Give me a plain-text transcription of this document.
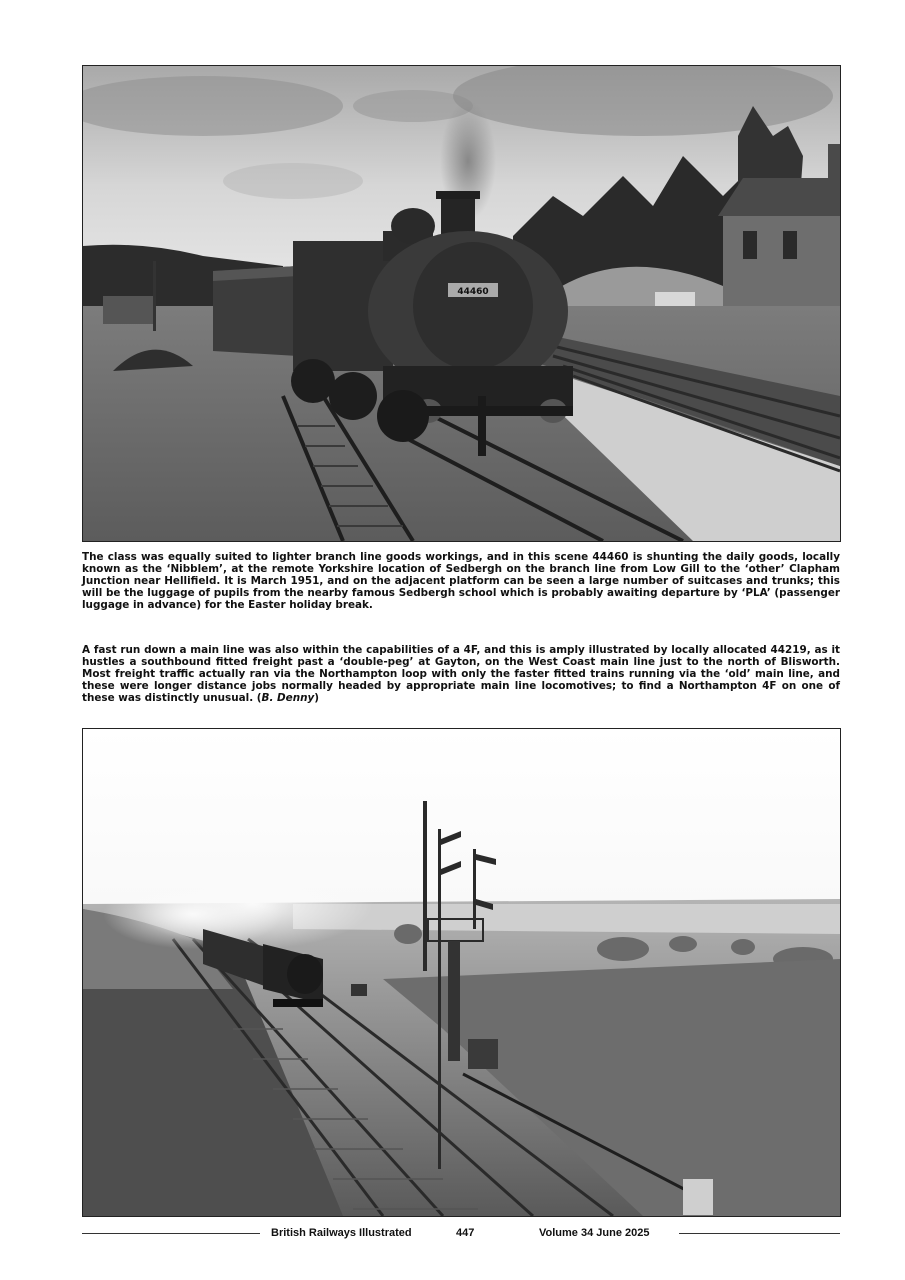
44460

The class was equally suited to lighter branch line goods workings, and in this scene 44460 is shunting the daily goods, locally known as the ‘Nibblem’, at the remote Yorkshire location of Sedbergh on the branch line from Low Gill to the ‘other’ Clapham Junction near Hellifield. It is March 1951, and on the adjacent platform can be seen a large number of suitcases and trunks; this will be the luggage of pupils from the nearby famous Sedbergh school which is probably awaiting departure by ‘PLA’ (passenger luggage in advance) for the Easter holiday break.

A fast run down a main line was also within the capabilities of a 4F, and this is amply illustrated by locally allocated 44219, as it hustles a southbound fitted freight past a ‘double-peg’ at Gayton, on the West Coast main line just to the north of Blisworth. Most freight traffic actually ran via the Northampton loop with only the faster fitted trains running via the ‘old’ main line, and these were longer distance jobs normally headed by appropriate main line locomotives; to find a Northampton 4F on one of these was distinctly unusual. (B. Denny)

British Railways Illustrated	447	Volume 34 June 2025
